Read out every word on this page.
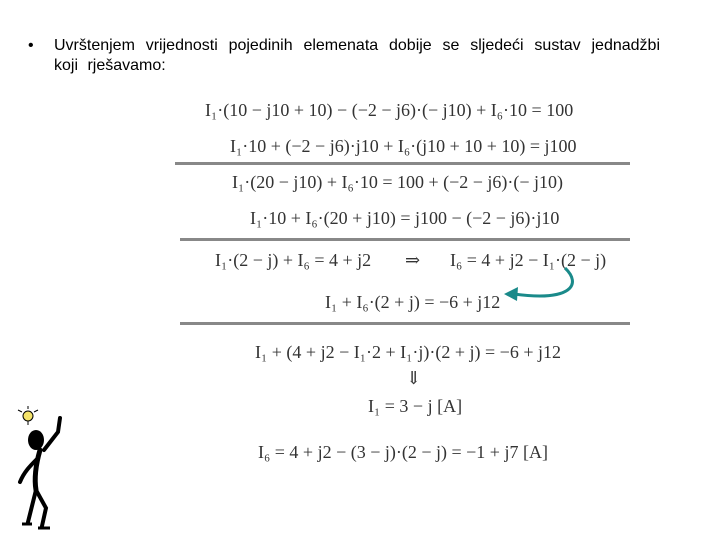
• Uvrštenjem vrijednosti pojedinih elemenata dobije se sljedeći sustav jednadžbi koji rješavamo:
I₁·(10 − j10 + 10) − (−2 − j6)·(− j10) + I₆·10 = 100
I₁·10 + (−2 − j6)·j10 + I₆·(j10 + 10 + 10) = j100
I₁·(20 − j10) + I₆·10 = 100 + (−2 − j6)·(− j10)
I₁·10 + I₆·(20 + j10) = j100 − (−2 − j6)·j10
I₁·(2 − j) + I₆ = 4 + j2 ⇒ I₆ = 4 + j2 − I₁·(2 − j)
I₁ + I₆·(2 + j) = −6 + j12
I₁ + (4 + j2 − I₁·2 + I₁·j)·(2 + j) = −6 + j12
⇓
I₁ = 3 − j [A]
I₆ = 4 + j2 − (3 − j)·(2 − j) = −1 + j7 [A]
